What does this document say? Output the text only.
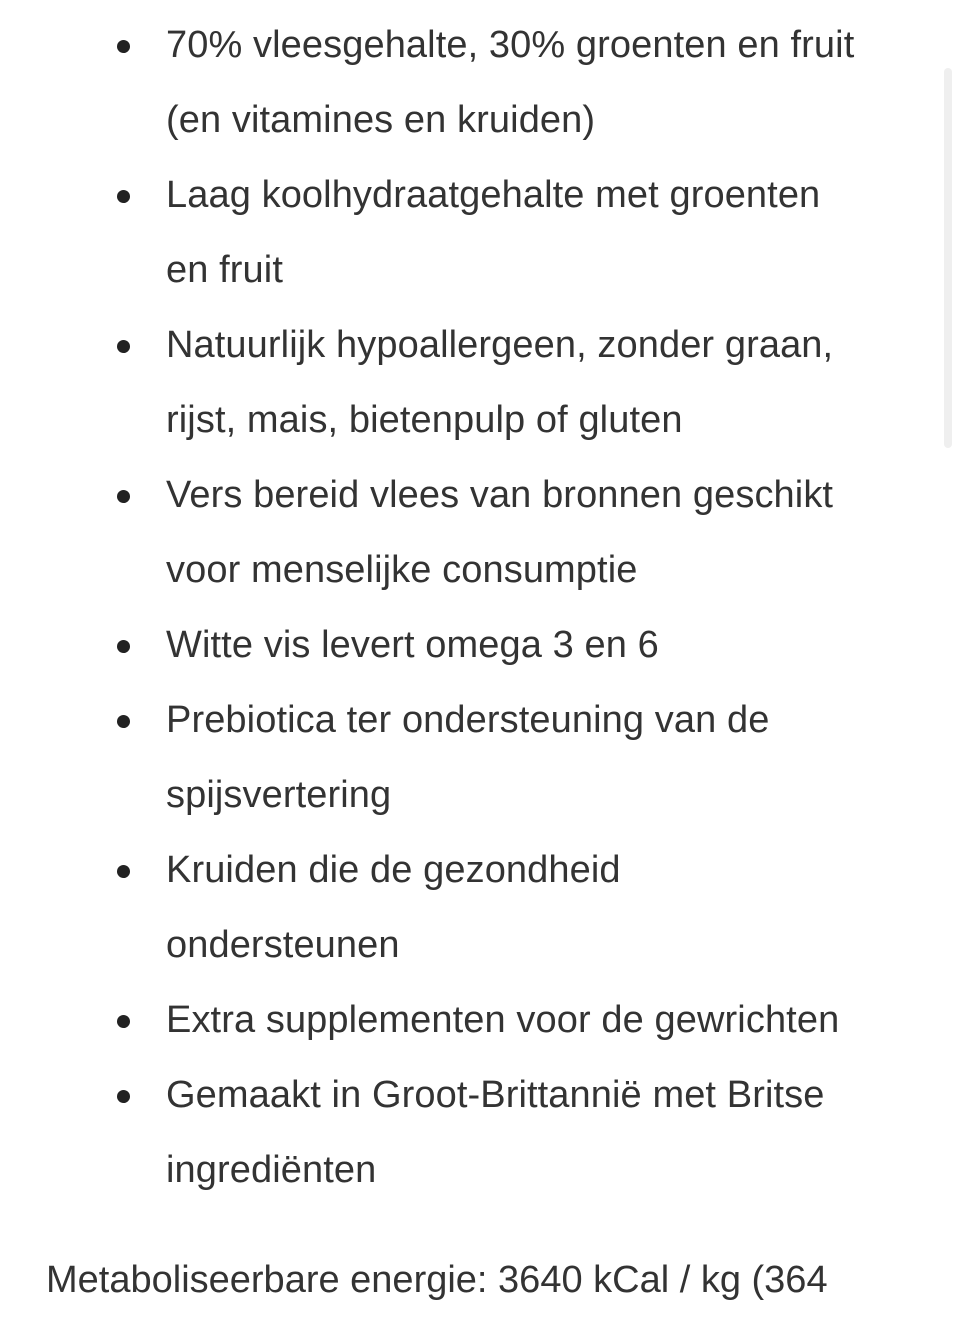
70% vleesgehalte, 30% groenten en fruit
(en vitamines en kruiden)
Laag koolhydraatgehalte met groenten
en fruit
Natuurlijk hypoallergeen, zonder graan,
rijst, mais, bietenpulp of gluten
Vers bereid vlees van bronnen geschikt
voor menselijke consumptie
Witte vis levert omega 3 en 6
Prebiotica ter ondersteuning van de
spijsvertering
Kruiden die de gezondheid
ondersteunen
Extra supplementen voor de gewrichten
Gemaakt in Groot-Brittannië met Britse
ingrediënten
Metaboliseerbare energie: 3640 kCal / kg (364
